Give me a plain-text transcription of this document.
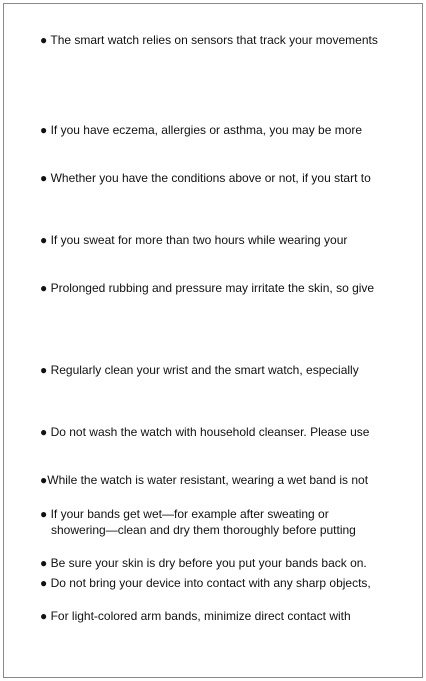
● The smart watch relies on sensors that track your movements
● If you have eczema, allergies or asthma, you may be more
● Whether you have the conditions above or not, if you start to
● If you sweat for more than two hours while wearing your
● Prolonged rubbing and pressure may irritate the skin, so give
● Regularly clean your wrist and the smart watch, especially
● Do not wash the watch with household cleanser. Please use
●While the watch is water resistant, wearing a wet band is not
● If your bands get wet—for example after sweating or
showering—clean and dry them thoroughly before putting
● Be sure your skin is dry before you put your bands back on.
● Do not bring your device into contact with any sharp objects,
● For light-colored arm bands, minimize direct contact with
